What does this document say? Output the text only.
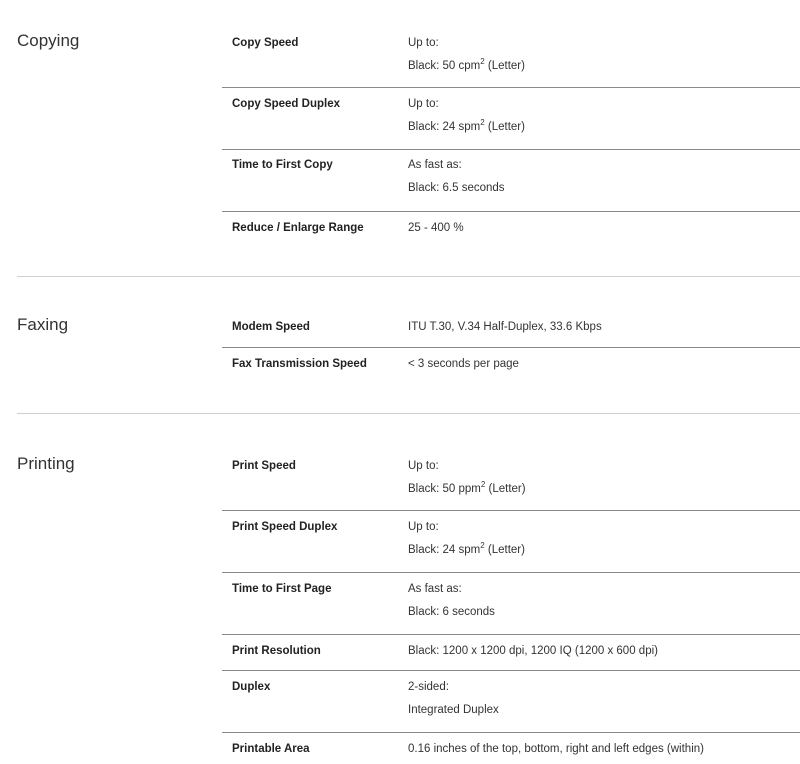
Copying	Copy Speed	Up to:
Black: 50 cpm$^2$ (Letter)
Copy Speed Duplex	Up to:
Black: 24 spm$^2$ (Letter)
Time to First Copy	As fast as:
Black: 6.5 seconds
Reduce / Enlarge Range	25 - 400 %
Faxing	Modem Speed	ITU T.30, V.34 Half-Duplex, 33.6 Kbps
Fax Transmission Speed	< 3 seconds per page
Printing	Print Speed	Up to:
Black: 50 ppm$^2$ (Letter)
Print Speed Duplex	Up to:
Black: 24 spm$^2$ (Letter)
Time to First Page	As fast as:
Black: 6 seconds
Print Resolution	Black: 1200 x 1200 dpi, 1200 IQ (1200 x 600 dpi)
Duplex	2-sided:
Integrated Duplex
Printable Area	0.16 inches of the top, bottom, right and left edges (within)
